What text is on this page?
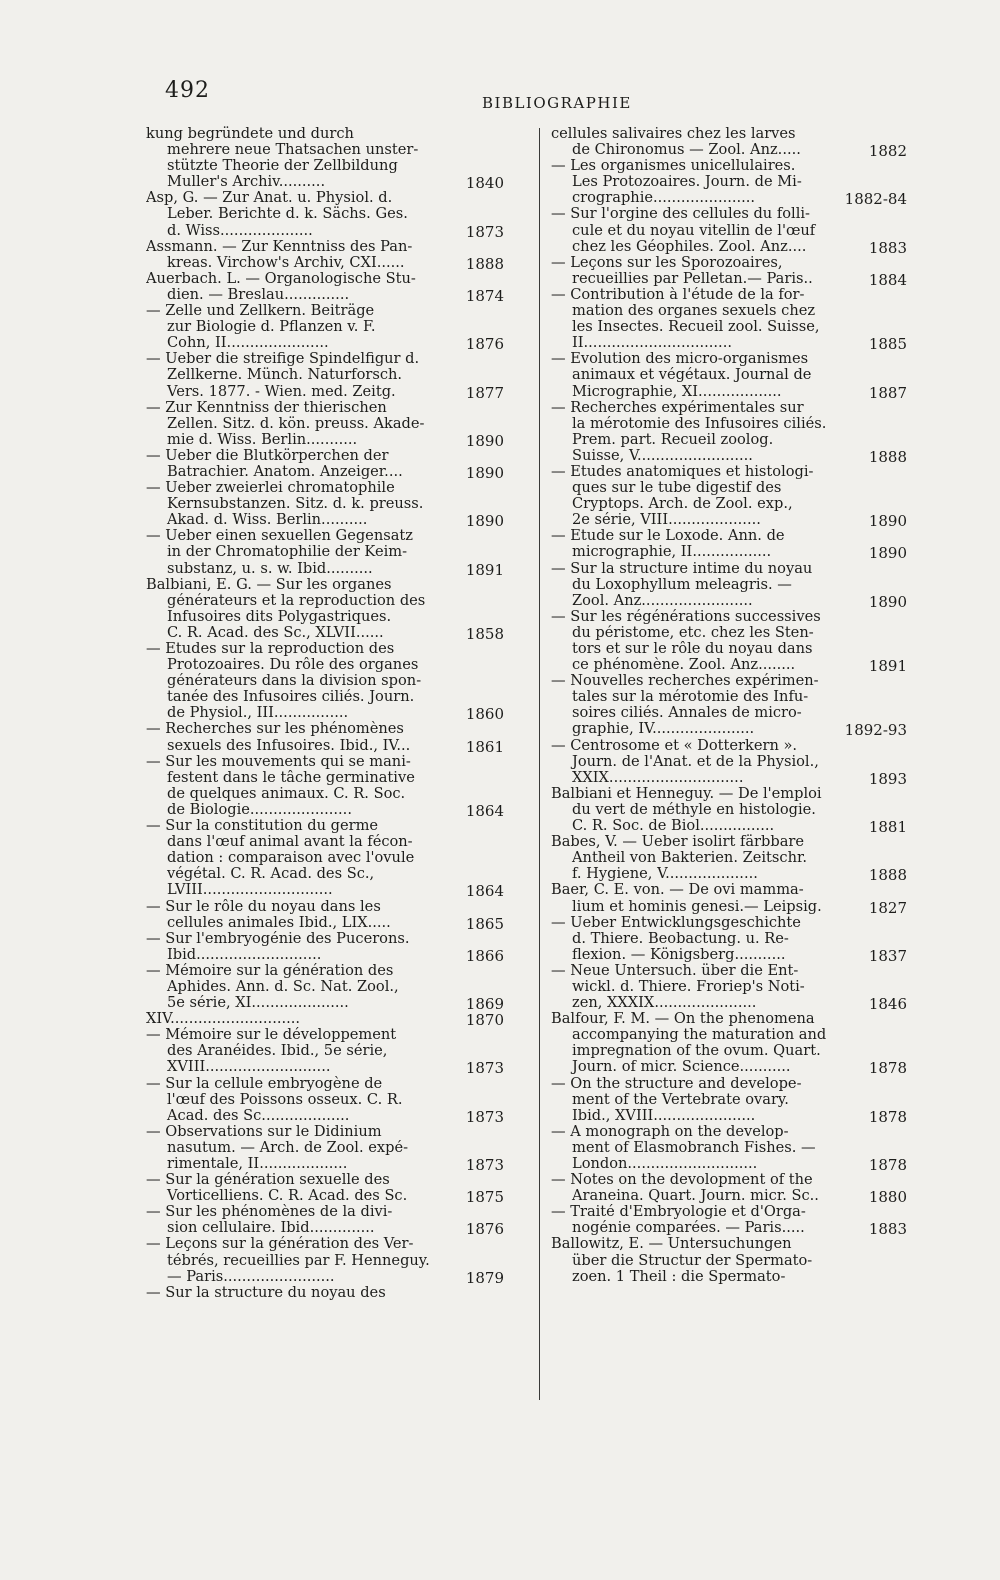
492	BIBLIOGRAPHIE
kung begründete und durch
mehrere neue Thatsachen unster-
stützte Theorie der Zellbildung
Muller's Archiv..........	1840
Asp, G. — Zur Anat. u. Physiol. d.
Leber. Berichte d. k. Sächs. Ges.
d. Wiss....................	1873
Assmann. — Zur Kenntniss des Pan-
kreas. Virchow's Archiv, CXI......	1888
Auerbach. L. — Organologische Stu-
dien. — Breslau..............	1874
— Zelle und Zellkern. Beiträge
zur Biologie d. Pflanzen v. F.
Cohn, II......................	1876
— Ueber die streifige Spindelfigur d.
Zellkerne. Münch. Naturforsch.
Vers. 1877. - Wien. med. Zeitg.	1877
— Zur Kenntniss der thierischen
Zellen. Sitz. d. kön. preuss. Akade-
mie d. Wiss. Berlin...........	1890
— Ueber die Blutkörperchen der
Batrachier. Anatom. Anzeiger....	1890
— Ueber zweierlei chromatophile
Kernsubstanzen. Sitz. d. k. preuss.
Akad. d. Wiss. Berlin..........	1890
— Ueber einen sexuellen Gegensatz
in der Chromatophilie der Keim-
substanz, u. s. w. Ibid..........	1891
Balbiani, E. G. — Sur les organes
générateurs et la reproduction des
Infusoires dits Polygastriques.
C. R. Acad. des Sc., XLVII......	1858
— Etudes sur la reproduction des
Protozoaires. Du rôle des organes
générateurs dans la division spon-
tanée des Infusoires ciliés. Journ.
de Physiol., III................	1860
— Recherches sur les phénomènes
sexuels des Infusoires. Ibid., IV...	1861
— Sur les mouvements qui se mani-
festent dans le tâche germinative
de quelques animaux. C. R. Soc.
de Biologie......................	1864
— Sur la constitution du germe
dans l'œuf animal avant la fécon-
dation : comparaison avec l'ovule
végétal. C. R. Acad. des Sc.,
LVIII............................	1864
— Sur le rôle du noyau dans les
cellules animales Ibid., LIX.....	1865
— Sur l'embryogénie des Pucerons.
Ibid...........................	1866
— Mémoire sur la génération des
Aphides. Ann. d. Sc. Nat. Zool.,
5e série, XI.....................	1869
XIV............................	1870
— Mémoire sur le développement
des Aranéides. Ibid., 5e série,
XVIII...........................	1873
— Sur la cellule embryogène de
l'œuf des Poissons osseux. C. R.
Acad. des Sc...................	1873
— Observations sur le Didinium
nasutum. — Arch. de Zool. expé-
rimentale, II...................	1873
— Sur la génération sexuelle des
Vorticelliens. C. R. Acad. des Sc.	1875
— Sur les phénomènes de la divi-
sion cellulaire. Ibid..............	1876
— Leçons sur la génération des Ver-
tébrés, recueillies par F. Henneguy.
— Paris........................	1879
— Sur la structure du noyau des
cellules salivaires chez les larves
de Chironomus — Zool. Anz.....	1882
— Les organismes unicellulaires.
Les Protozoaires. Journ. de Mi-
crographie......................	1882-84
— Sur l'orgine des cellules du folli-
cule et du noyau vitellin de l'œuf
chez les Géophiles. Zool. Anz....	1883
— Leçons sur les Sporozoaires,
recueillies par Pelletan.— Paris..	1884
— Contribution à l'étude de la for-
mation des organes sexuels chez
les Insectes. Recueil zool. Suisse,
II................................	1885
— Evolution des micro-organismes
animaux et végétaux. Journal de
Micrographie, XI..................	1887
— Recherches expérimentales sur
la mérotomie des Infusoires ciliés.
Prem. part. Recueil zoolog.
Suisse, V.........................	1888
— Etudes anatomiques et histologi-
ques sur le tube digestif des
Cryptops. Arch. de Zool. exp.,
2e série, VIII....................	1890
— Etude sur le Loxode. Ann. de
micrographie, II.................	1890
— Sur la structure intime du noyau
du Loxophyllum meleagris. —
Zool. Anz........................	1890
— Sur les régénérations successives
du péristome, etc. chez les Sten-
tors et sur le rôle du noyau dans
ce phénomène. Zool. Anz........	1891
— Nouvelles recherches expérimen-
tales sur la mérotomie des Infu-
soires ciliés. Annales de micro-
graphie, IV......................	1892-93
— Centrosome et « Dotterkern ».
Journ. de l'Anat. et de la Physiol.,
XXIX.............................	1893
Balbiani et Henneguy. — De l'emploi
du vert de méthyle en histologie.
C. R. Soc. de Biol................	1881
Babes, V. — Ueber isolirt färbbare
Antheil von Bakterien. Zeitschr.
f. Hygiene, V....................	1888
Baer, C. E. von. — De ovi mamma-
lium et hominis genesi.— Leipsig.	1827
— Ueber Entwicklungsgeschichte
d. Thiere. Beobactung. u. Re-
flexion. — Königsberg...........	1837
— Neue Untersuch. über die Ent-
wickl. d. Thiere. Froriep's Noti-
zen, XXXIX......................	1846
Balfour, F. M. — On the phenomena
accompanying the maturation and
impregnation of the ovum. Quart.
Journ. of micr. Science...........	1878
— On the structure and develope-
ment of the Vertebrate ovary.
Ibid., XVIII......................	1878
— A monograph on the develop-
ment of Elasmobranch Fishes. —
London............................	1878
— Notes on the devolopment of the
Araneina. Quart. Journ. micr. Sc..	1880
— Traité d'Embryologie et d'Orga-
nogénie comparées. — Paris.....	1883
Ballowitz, E. — Untersuchungen
über die Structur der Spermato-
zoen. 1 Theil : die Spermato-
